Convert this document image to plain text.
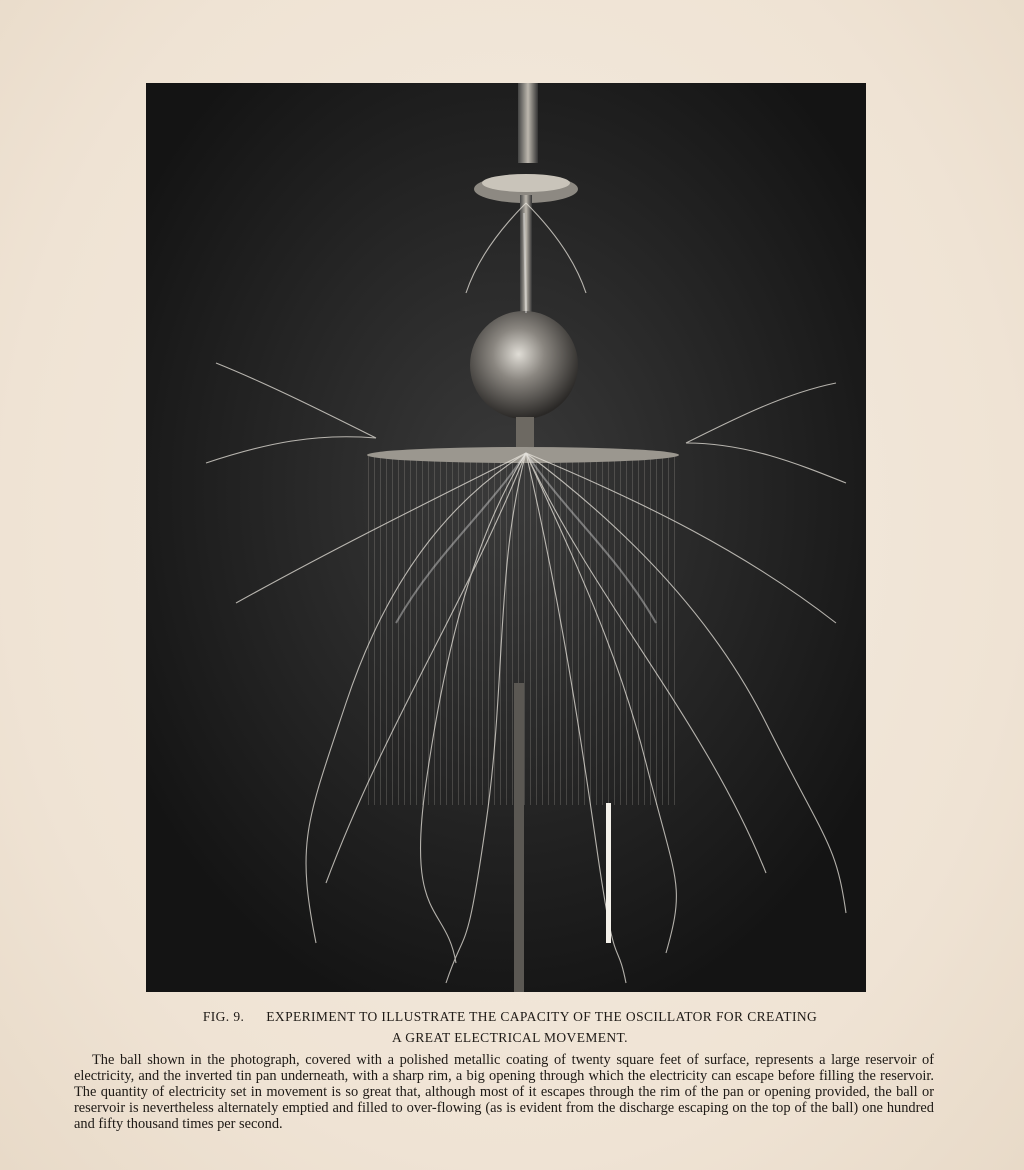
FIG. 9. EXPERIMENT TO ILLUSTRATE THE CAPACITY OF THE OSCILLATOR FOR CREATING
A GREAT ELECTRICAL MOVEMENT.
The ball shown in the photograph, covered with a polished metallic coating of twenty square feet of surface, represents a large reservoir of electricity, and the inverted tin pan underneath, with a sharp rim, a big opening through which the electricity can escape before filling the reservoir. The quantity of electricity set in movement is so great that, although most of it escapes through the rim of the pan or opening provided, the ball or reservoir is nevertheless alternately emptied and filled to over-flowing (as is evident from the discharge escaping on the top of the ball) one hundred and fifty thousand times per second.
